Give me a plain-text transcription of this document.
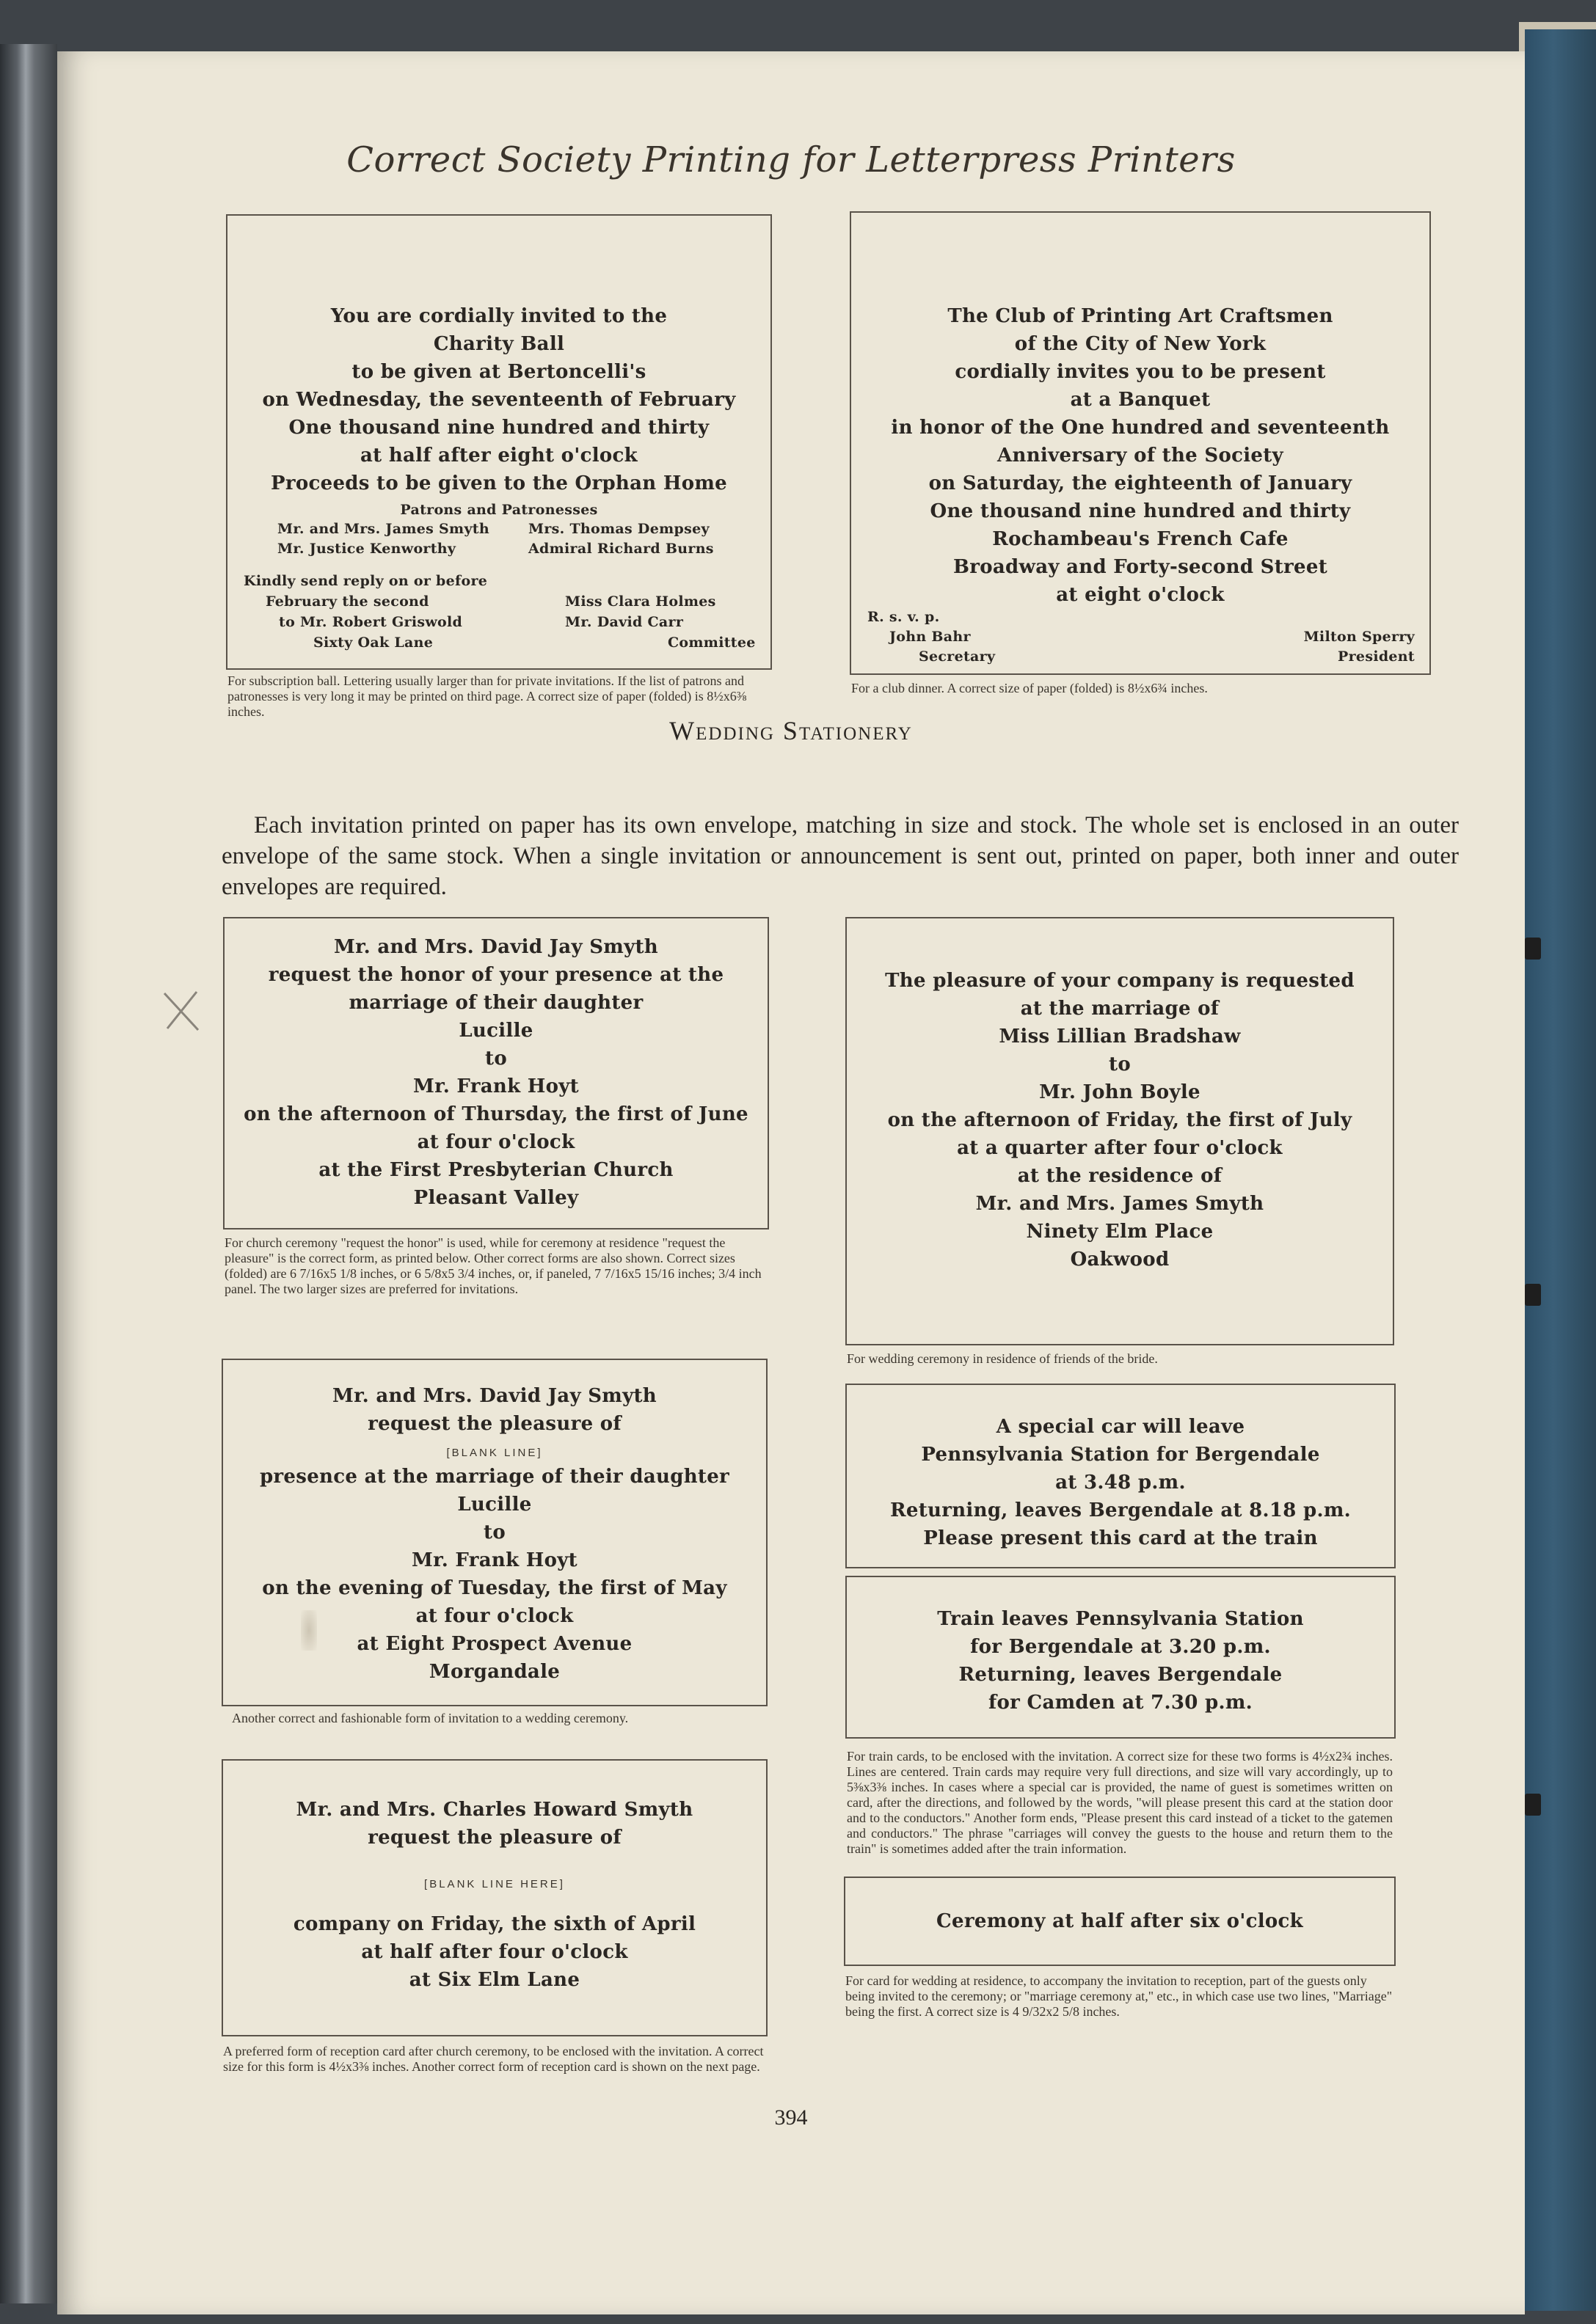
Correct Society Printing for Letterpress Printers
You are cordially invited to the
Charity Ball
to be given at Bertoncelli's
on Wednesday, the seventeenth of February
One thousand nine hundred and thirty
at half after eight o'clock
Proceeds to be given to the Orphan Home
Patrons and Patronesses
Mr. and Mrs. James Smyth
Mr. Justice Kenworthy
Mrs. Thomas Dempsey
Admiral Richard Burns
Kindly send reply on or before
February the second
to Mr. Robert Griswold
Sixty Oak Lane
Miss Clara Holmes
Mr. David Carr
Committee
For subscription ball. Lettering usually larger than for private invitations. If the list of patrons and patronesses is very long it may be printed on third page. A correct size of paper (folded) is 8½x6⅜ inches.
The Club of Printing Art Craftsmen
of the City of New York
cordially invites you to be present
at a Banquet
in honor of the One hundred and seventeenth
Anniversary of the Society
on Saturday, the eighteenth of January
One thousand nine hundred and thirty
Rochambeau's French Cafe
Broadway and Forty-second Street
at eight o'clock
R. s. v. p.
John Bahr
Secretary
Milton Sperry
President
For a club dinner. A correct size of paper (folded) is 8½x6¾ inches.
Wedding Stationery
Each invitation printed on paper has its own envelope, matching in size and stock. The whole set is enclosed in an outer envelope of the same stock. When a single invitation or announcement is sent out, printed on paper, both inner and outer envelopes are required.
Mr. and Mrs. David Jay Smyth
request the honor of your presence at the
marriage of their daughter
Lucille
to
Mr. Frank Hoyt
on the afternoon of Thursday, the first of June
at four o'clock
at the First Presbyterian Church
Pleasant Valley
For church ceremony "request the honor" is used, while for ceremony at residence "request the pleasure" is the correct form, as printed below. Other correct forms are also shown. Correct sizes (folded) are 6 7/16x5 1/8 inches, or 6 5/8x5 3/4 inches, or, if paneled, 7 7/16x5 15/16 inches; 3/4 inch panel. The two larger sizes are preferred for invitations.
The pleasure of your company is requested
at the marriage of
Miss Lillian Bradshaw
to
Mr. John Boyle
on the afternoon of Friday, the first of July
at a quarter after four o'clock
at the residence of
Mr. and Mrs. James Smyth
Ninety Elm Place
Oakwood
For wedding ceremony in residence of friends of the bride.
Mr. and Mrs. David Jay Smyth
request the pleasure of
[BLANK LINE]
presence at the marriage of their daughter
Lucille
to
Mr. Frank Hoyt
on the evening of Tuesday, the first of May
at four o'clock
at Eight Prospect Avenue
Morgandale
Another correct and fashionable form of invitation to a wedding ceremony.
A special car will leave
Pennsylvania Station for Bergendale
at 3.48 p.m.
Returning, leaves Bergendale at 8.18 p.m.
Please present this card at the train
Train leaves Pennsylvania Station
for Bergendale at 3.20 p.m.
Returning, leaves Bergendale
for Camden at 7.30 p.m.
For train cards, to be enclosed with the invitation. A correct size for these two forms is 4½x2¾ inches. Lines are centered. Train cards may require very full directions, and size will vary accordingly, up to 5⅜x3⅜ inches. In cases where a special car is provided, the name of guest is sometimes written on card, after the directions, and followed by the words, "will please present this card at the station door and to the conductors." Another form ends, "Please present this card instead of a ticket to the gatemen and conductors." The phrase "carriages will convey the guests to the house and return them to the train" is sometimes added after the train information.
Mr. and Mrs. Charles Howard Smyth
request the pleasure of
[BLANK LINE HERE]
company on Friday, the sixth of April
at half after four o'clock
at Six Elm Lane
A preferred form of reception card after church ceremony, to be enclosed with the invitation. A correct size for this form is 4½x3⅜ inches. Another correct form of reception card is shown on the next page.
Ceremony at half after six o'clock
For card for wedding at residence, to accompany the invitation to reception, part of the guests only being invited to the ceremony; or "marriage ceremony at," etc., in which case use two lines, "Marriage" being the first. A correct size is 4 9/32x2 5/8 inches.
394
